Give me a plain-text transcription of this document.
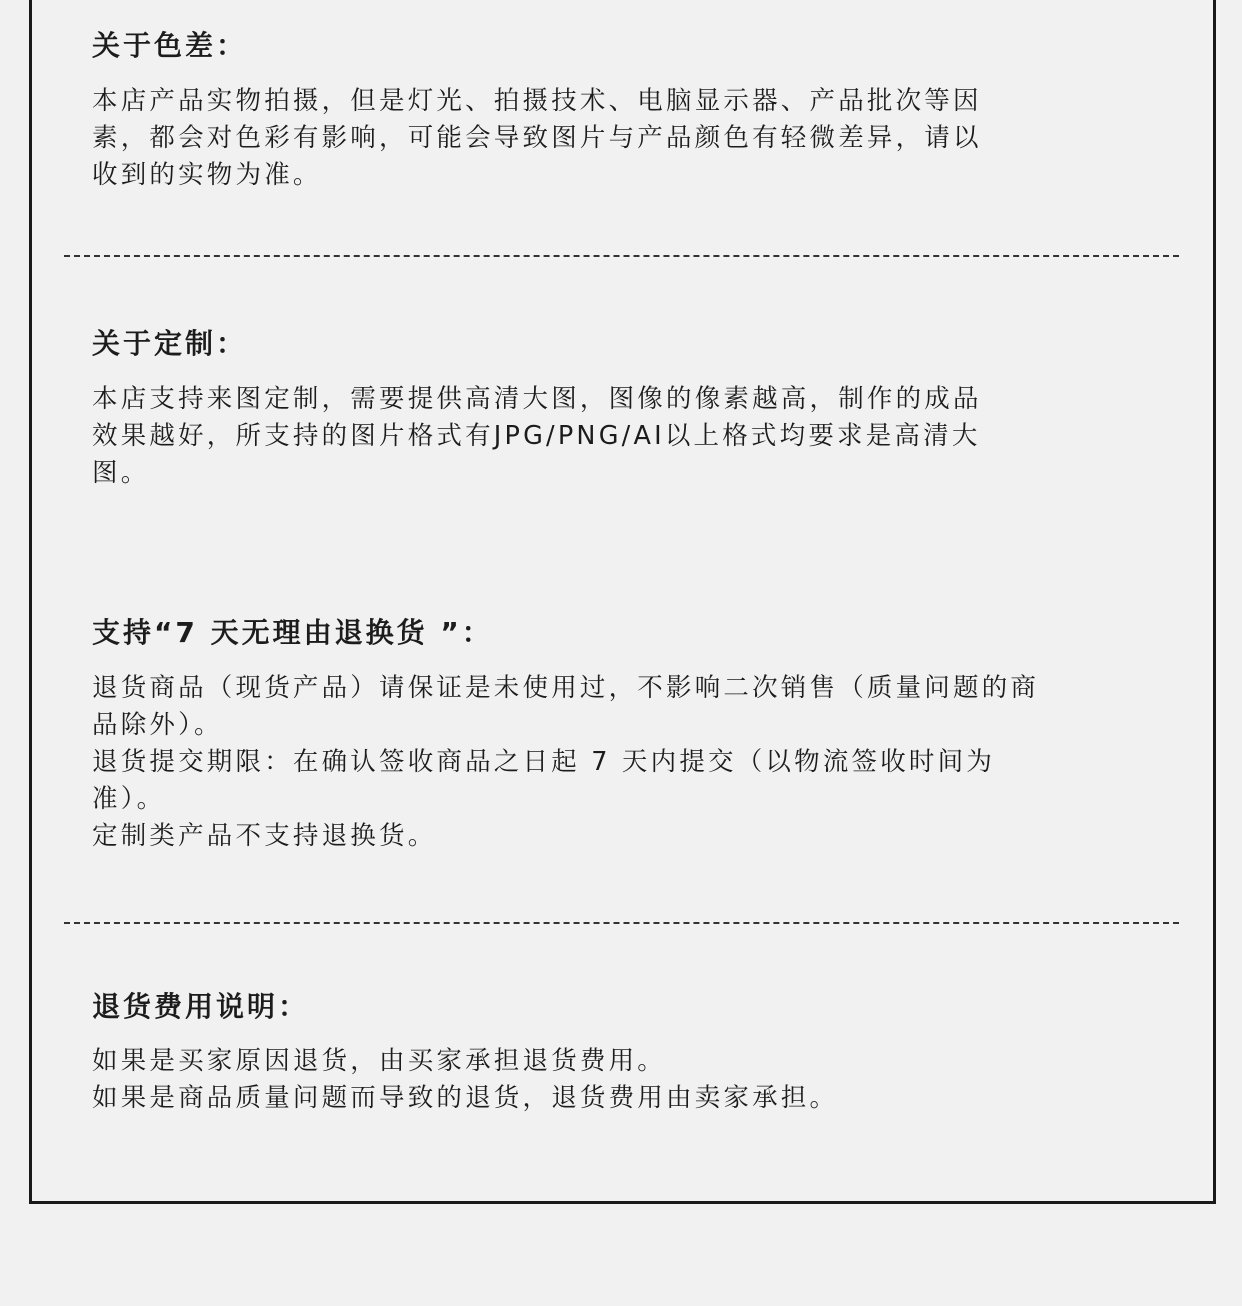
关于色差：
本店产品实物拍摄，但是灯光、拍摄技术、电脑显示器、产品批次等因
素，都会对色彩有影响，可能会导致图片与产品颜色有轻微差异，请以
收到的实物为准。
关于定制：
本店支持来图定制，需要提供高清大图，图像的像素越高，制作的成品
效果越好，所支持的图片格式有JPG/PNG/AI以上格式均要求是高清大
图。
支持“7 天无理由退换货 ”：
退货商品（现货产品）请保证是未使用过，不影响二次销售（质量问题的商
品除外）。
退货提交期限：在确认签收商品之日起 7 天内提交（以物流签收时间为
准）。
定制类产品不支持退换货。
退货费用说明：
如果是买家原因退货，由买家承担退货费用。
如果是商品质量问题而导致的退货，退货费用由卖家承担。
